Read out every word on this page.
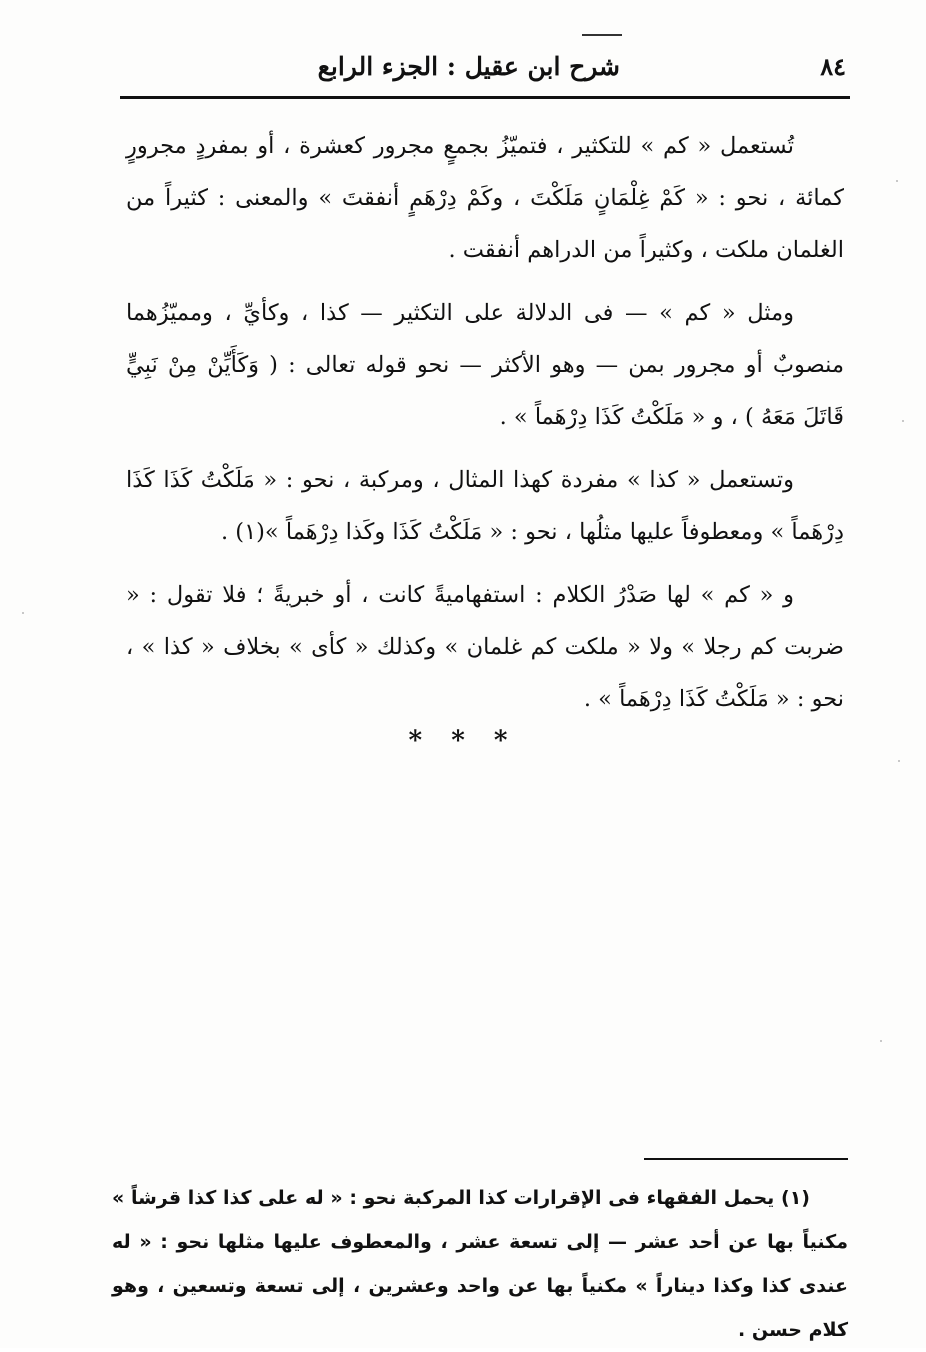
شرح ابن عقيل : الجزء الرابع	٨٤

تُستعمل « كم » للتكثير ، فتميّزُ بجمعٍ مجرور كعشرة ، أو بمفردٍ مجرورٍ كمائة ، نحو : « كَمْ غِلْمَانٍ مَلَكْتَ ، وكَمْ دِرْهَمٍ أنفقتَ » والمعنى : كثيراً من الغلمان ملكت ، وكثيراً من الدراهم أنفقت .

ومثل « كم » — فى الدلالة على التكثير — كذا ، وكأيِّ ، ومميّزُهما منصوبٌ أو مجرور بمن — وهو الأكثر — نحو قوله تعالى : ( وَكَأَيِّنْ مِنْ نَبِيٍّ قَاتَلَ مَعَهُ ) ، و « مَلَكْتُ كَذَا دِرْهَماً » .

وتستعمل « كذا » مفردة كهذا المثال ، ومركبة ، نحو : « مَلَكْتُ كَذَا كَذَا دِرْهَماً » ومعطوفاً عليها مثلُها ، نحو : « مَلَكْتُ كَذَا وكَذا دِرْهَماً »(١) .

و « كم » لها صَدْرُ الكلام : استفهاميةً كانت ، أو خبريةً ؛ فلا تقول : « ضربت كم رجلا » ولا « ملكت كم غلمان » وكذلك « كأى » بخلاف « كذا » ، نحو : « مَلَكْتُ كَذَا دِرْهَماً » .

* * *

(١) يحمل الفقهاء فى الإقرارات كذا المركبة نحو : « له على كذا كذا قرشاً » مكنياً بها عن أحد عشر — إلى تسعة عشر ، والمعطوف عليها مثلها نحو : « له عندى كذا وكذا ديناراً » مكنياً بها عن واحد وعشرين ، إلى تسعة وتسعين ، وهو كلام حسن .
